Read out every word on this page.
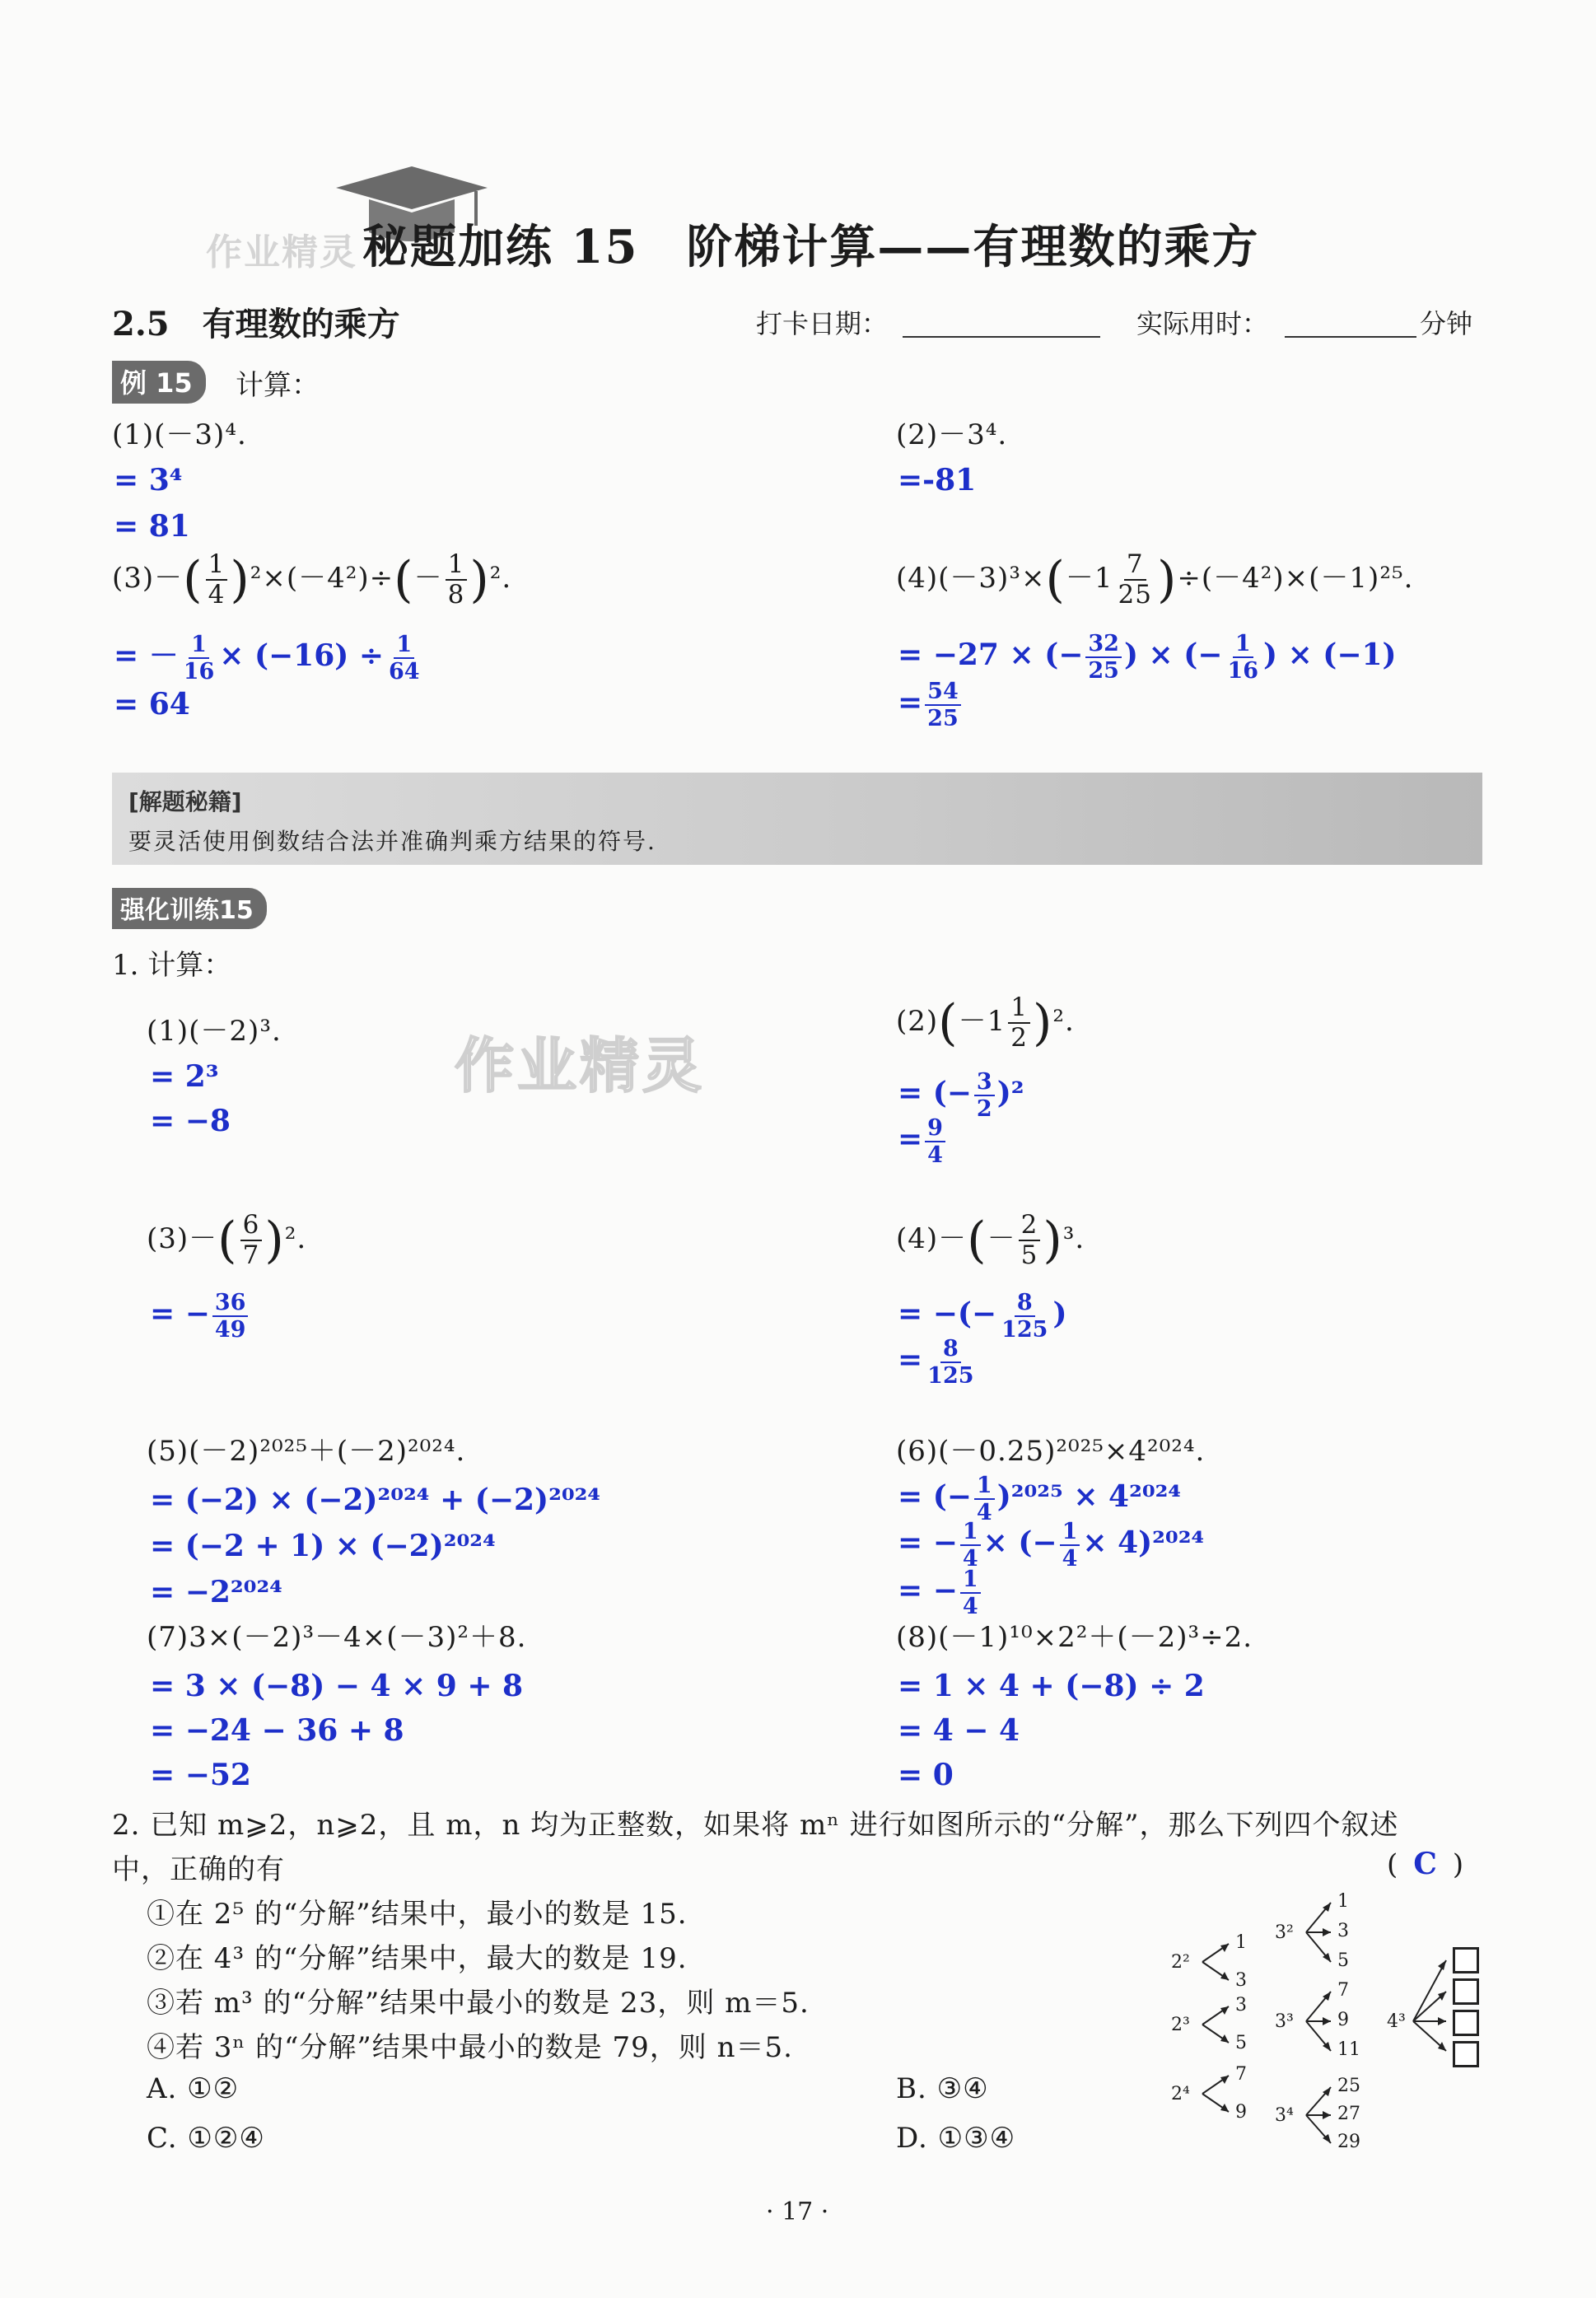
作业精灵 秘题加练 15　阶梯计算——有理数的乘方
2.5　有理数的乘方	打卡日期：	实际用时：	分钟
例 15	计算：
(1)(－3)⁴.
= 3⁴
= 81
(2)－3⁴.
=-81
$(3)-( \frac{1}{4} )^2\times(-4^2)\div(- \frac{1}{8} )^2$.
= － $\frac{1}{16} \times (-16) \div \frac{1}{64}$
= 64
$(4)(-3)^3\times(-1 \frac{7}{25} )\div(-4^2)\times(-1)^{25}$.
= −27 × (− $\frac{32}{25}$ ) × (− $\frac{1}{16}$ ) × (−1)
= $\frac{54}{25}$
[解题秘籍]
要灵活使用倒数结合法并准确判乘方结果的符号.
强化训练15
1. 计算：
作业精灵
(1)(－2)³.
= 2³
= −8
$(2)(-1 \frac{1}{2} )^2$.
= (− $\frac{3}{2} )^2$
= $\frac{9}{4}$
$(3)-( \frac{6}{7} )^2$.
= − $\frac{36}{49}$
$(4)-(- \frac{2}{5} )^3$.
= −(− $\frac{8}{125}$ )
= $\frac{8}{125}$
(5)(－2)²⁰²⁵＋(－2)²⁰²⁴.
= (−2) × (−2)²⁰²⁴ + (−2)²⁰²⁴
= (−2 + 1) × (−2)²⁰²⁴
= −2²⁰²⁴
(6)(－0.25)²⁰²⁵×4²⁰²⁴.
= (− $\frac{1}{4} )^{2025} \times 4^{2024}$
= − $\frac{1}{4}$ × (− $\frac{1}{4} \times 4)^{2024}$
= − $\frac{1}{4}$
(7)3×(－2)³－4×(－3)²＋8.
= 3 × (−8) − 4 × 9 + 8
= −24 − 36 + 8
= −52
(8)(－1)¹⁰×2²＋(－2)³÷2.
= 1 × 4 + (−8) ÷ 2
= 4 − 4
= 0
2. 已知 m⩾2，n⩾2，且 m，n 均为正整数，如果将 mⁿ 进行如图所示的“分解”，那么下列四个叙述
中，正确的有	( C )
①在 2⁵ 的“分解”结果中，最小的数是 15.
②在 4³ 的“分解”结果中，最大的数是 19.
③若 m³ 的“分解”结果中最小的数是 23，则 m＝5.
④若 3ⁿ 的“分解”结果中最小的数是 79，则 n＝5.
A. ①②	B. ③④
C. ①②④	D. ①③④
2²
1
3
2³
3
5
2⁴
7
9
3²
1
3
5
3³
7
9
11
3⁴
25
27
29
4³
· 17 ·
